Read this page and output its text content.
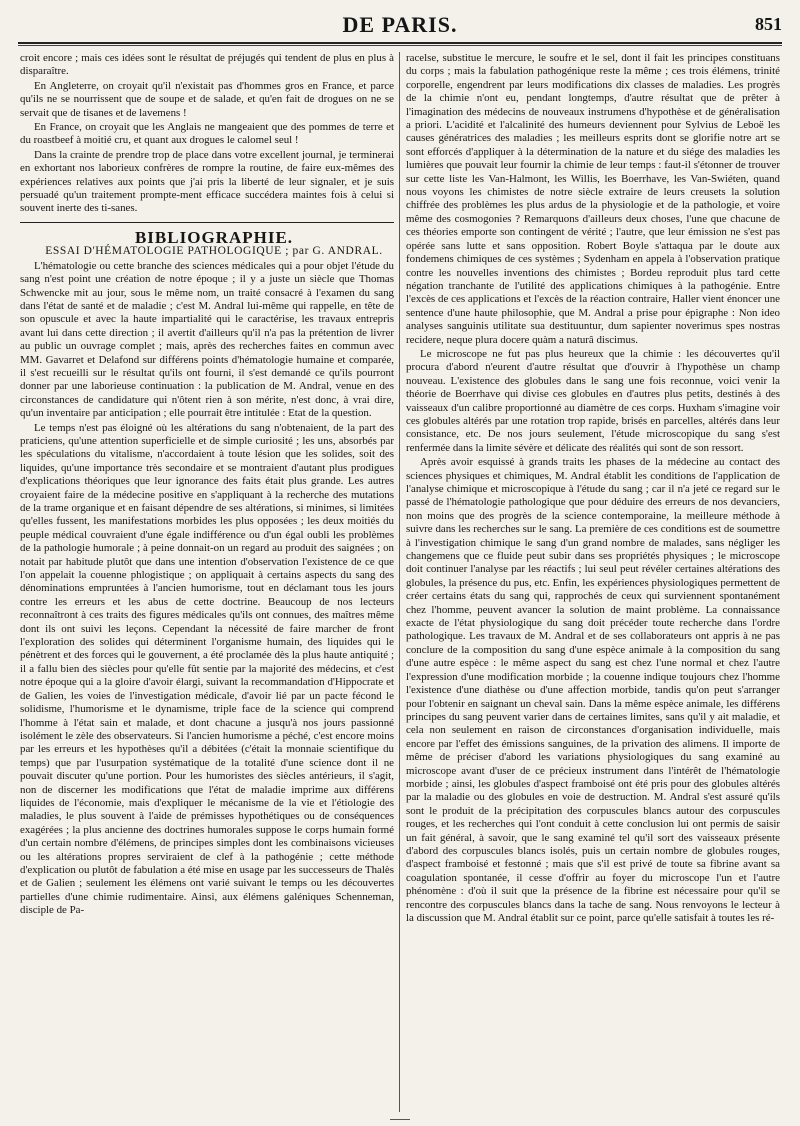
DE PARIS.	851

croit encore ; mais ces idées sont le résultat de préjugés qui tendent de plus en plus à disparaître.

En Angleterre, on croyait qu'il n'existait pas d'hommes gros en France, et parce qu'ils ne se nourrissent que de soupe et de salade, et qu'en fait de drogues on ne se servait que de tisanes et de lavemens !

En France, on croyait que les Anglais ne mangeaient que des pommes de terre et du roastbeef à moitié cru, et quant aux drogues le calomel seul !

Dans la crainte de prendre trop de place dans votre excellent journal, je terminerai en exhortant nos laborieux confrères de rompre la routine, de faire eux-mêmes des expériences relatives aux points que j'ai pris la liberté de leur signaler, et je suis persuadé qu'un traitement prompte-ment efficace succédera maintes fois à celui si souvent inerte des ti-sanes.

BIBLIOGRAPHIE.

ESSAI D'HÉMATOLOGIE PATHOLOGIQUE ; par G. ANDRAL.

L'hématologie ou cette branche des sciences médicales qui a pour objet l'étude du sang n'est point une création de notre époque ; il y a juste un siècle que Thomas Schwencke mit au jour, sous le même nom, un traité consacré à l'examen du sang dans l'état de santé et de maladie ; c'est M. Andral lui-même qui rappelle, en tête de son opuscule et avec la haute impartialité qui le caractérise, les travaux entrepris avant lui dans cette direction ; il avertit d'ailleurs qu'il n'a pas la prétention de livrer au public un ouvrage complet ; mais, après des recherches faites en commun avec MM. Gavarret et Delafond sur différens points d'hématologie humaine et comparée, il s'est recueilli sur le résultat qu'ils ont fourni, il s'est demandé ce qu'ils pourront donner par une laborieuse continuation : la publication de M. Andral, venue en des circonstances de candidature qui n'ôtent rien à son mérite, n'est donc, à vrai dire, qu'un inventaire par anticipation ; elle pourrait être intitulée : Etat de la question.

Le temps n'est pas éloigné où les altérations du sang n'obtenaient, de la part des praticiens, qu'une attention superficielle et de simple curiosité ; les uns, absorbés par les spéculations du vitalisme, n'accordaient à toute lésion que les solides, soit des liquides, qu'une importance très secondaire et se montraient d'autant plus prodigues d'explications théoriques que leur ignorance des faits était plus grande. Les autres croyaient faire de la médecine positive en s'appliquant à la recherche des mutations de la trame organique et en faisant dépendre de ses altérations, si minimes, si limitées qu'elles fussent, les manifestations morbides les plus opposées ; les deux moitiés du peuple médical couvraient d'une égale indifférence ou d'un égal oubli les problèmes de la pathologie humorale ; à peine donnait-on un regard au produit des saignées ; on notait par habitude plutôt que dans une intention d'observation l'existence de ce que l'on appelait la couenne phlogistique ; on appliquait à certains aspects du sang des dénominations empruntées à l'ancien humorisme, tout en déclamant tous les jours contre les erreurs et les abus de cette doctrine. Beaucoup de nos lecteurs reconnaîtront à ces traits des figures médicales qu'ils ont connues, des maîtres même dont ils ont suivi les leçons. Cependant la nécessité de faire marcher de front l'exploration des solides qui déterminent l'organisme humain, des liquides qui le pénètrent et des forces qui le gouvernent, a été proclamée dès la plus haute antiquité ; il a fallu bien des siècles pour qu'elle fût sentie par la majorité des médecins, et c'est notre époque qui a la gloire d'avoir élargi, suivant la recommandation d'Hippocrate et de Galien, les voies de l'investigation médicale, d'avoir lié par un pacte fécond le solidisme, l'humorisme et le dynamisme, triple face de la science qui comprend l'homme à l'état sain et malade, et dont chacune a jusqu'à nos jours passionné isolément le zèle des observateurs. Si l'ancien humorisme a péché, c'est encore moins par les erreurs et les hypothèses qu'il a débitées (c'était la monnaie scientifique du temps) que par l'usurpation systématique de la totalité d'une science dont il ne pouvait discuter qu'une portion. Pour les humoristes des siècles antérieurs, il s'agit, non de discerner les modifications que l'état de maladie imprime aux différens liquides de l'économie, mais d'expliquer le mécanisme de la vie et l'étiologie des maladies, le plus souvent à l'aide de prémisses hypothétiques ou de conséquences exagérées ; la plus ancienne des doctrines humorales suppose le corps humain formé d'un certain nombre d'élémens, de principes simples dont les combinaisons vicieuses ou les altérations propres serviraient de clef à la pathogénie ; cette méthode d'explication ou plutôt de fabulation a été mise en usage par les successeurs de Thalès et de Galien ; seulement les élémens ont varié suivant le temps ou les découvertes partielles d'une chimie rudimentaire. Ainsi, aux élémens galéniques Schenneman, disciple de Pa-

racelse, substitue le mercure, le soufre et le sel, dont il fait les principes constituans du corps ; mais la fabulation pathogénique reste la même ; ces trois élémens, trinité corporelle, engendrent par leurs modifications dix classes de maladies. Les progrès de la chimie n'ont eu, pendant longtemps, d'autre résultat que de prêter à l'imagination des médecins de nouveaux instrumens d'hypothèse et de généralisation a priori. L'acidité et l'alcalinité des humeurs deviennent pour Sylvius de Leboë les causes génératrices des maladies ; les meilleurs esprits dont se glorifie notre art se sont efforcés d'appliquer à la détermination de la nature et du siége des maladies les lumières que pouvait leur fournir la chimie de leur temps : faut-il s'étonner de trouver sur cette liste les Van-Halmont, les Willis, les Boerrhave, les Van-Swiéten, quand nous voyons les chimistes de notre siècle extraire de leurs creusets la solution chiffrée des problèmes les plus ardus de la physiologie et de la pathologie, et voire même des cosmogonies ? Remarquons d'ailleurs deux choses, l'une que chacune de ces théories emporte son contingent de vérité ; l'autre, que leur émission ne s'est pas opérée sans lutte et sans opposition. Robert Boyle s'attaqua par le doute aux fondemens chimiques de ces systèmes ; Sydenham en appela à l'observation pratique contre les nouvelles inventions des chimistes ; Bordeu reproduit plus tard cette négation tranchante de l'utilité des applications chimiques à la pathogénie. Entre l'excès de ces applications et l'excès de la réaction contraire, Haller vient énoncer une sentence d'une haute philosophie, que M. Andral a prise pour épigraphe : Non ideo analyses sanguinis utilitate sua destituuntur, dum sapienter noverimus spes nostras recidere, neque plura docere quàm a naturâ discimus.

Le microscope ne fut pas plus heureux que la chimie : les découvertes qu'il procura d'abord n'eurent d'autre résultat que d'ouvrir à l'hypothèse un champ nouveau. L'existence des globules dans le sang une fois reconnue, voici venir la théorie de Boerrhave qui divise ces globules en d'autres plus petits, destinés à des vaisseaux d'un calibre proportionné au diamètre de ces corps. Huxham s'imagine voir ces globules altérés par une rotation trop rapide, brisés en parcelles, altérés dans leur consistance, etc. De nos jours seulement, l'étude microscopique du sang s'est renfermée dans la limite sévère et délicate des réalités qui sont de son ressort.

Après avoir esquissé à grands traits les phases de la médecine au contact des sciences physiques et chimiques, M. Andral établit les conditions de l'application de l'analyse chimique et microscopique à l'étude du sang ; car il n'a jeté ce regard sur le passé de l'hématologie pathologique que pour déduire des erreurs de nos devanciers, non moins que des progrès de la science contemporaine, la meilleure méthode à suivre dans les recherches sur le sang. La première de ces conditions est de soumettre à l'investigation chimique le sang d'un grand nombre de malades, sans négliger les changemens que ce fluide peut subir dans ses propriétés physiques ; le microscope doit continuer l'analyse par les réactifs ; lui seul peut révéler certaines altérations des globules, la présence du pus, etc. Enfin, les expériences physiologiques permettent de créer certains états du sang qui, rapprochés de ceux qui surviennent spontanément chez l'homme, peuvent avancer la solution de maint problème. La connaissance exacte de l'état physiologique du sang doit précéder toute recherche dans l'ordre pathologique. Les travaux de M. Andral et de ses collaborateurs ont appris à ne pas conclure de la composition du sang d'une espèce animale à la composition du sang d'une autre espèce : le même aspect du sang est chez l'une normal et chez l'autre l'expression d'une modification morbide ; la couenne indique toujours chez l'homme l'existence d'une diathèse ou d'une affection morbide, tandis qu'on peut s'arranger pour l'obtenir en saignant un cheval sain. Dans la même espèce animale, les différens principes du sang peuvent varier dans de certaines limites, sans qu'il y ait maladie, et cela non seulement en raison de circonstances d'organisation individuelle, mais encore par l'effet des émissions sanguines, de la privation des alimens. Il importe de même de préciser d'abord les variations physiologiques du sang examiné au microscope avant d'user de ce précieux instrument dans l'intérêt de l'hématologie morbide ; ainsi, les globules d'aspect framboisé ont été pris pour des globules altérés par la maladie ou des globules en voie de destruction. M. Andral s'est assuré qu'ils sont le produit de la précipitation des corpuscules blancs autour des corpuscules rouges, et les recherches qui l'ont conduit à cette conclusion lui ont permis de saisir un fait général, à savoir, que le sang examiné tel qu'il sort des vaisseaux présente d'abord des corpuscules blancs isolés, puis un certain nombre de globules rouges, d'aspect framboisé et festonné ; mais que s'il est privé de toute sa fibrine avant sa coagulation spontanée, il cesse d'offrir au foyer du microscope l'un et l'autre phénomène : d'où il suit que la présence de la fibrine est nécessaire pour qu'il se rencontre des corpuscules blancs dans la tache de sang. Nous renvoyons le lecteur à la discussion que M. Andral établit sur ce point, parce qu'elle satisfait à toutes les ré-
